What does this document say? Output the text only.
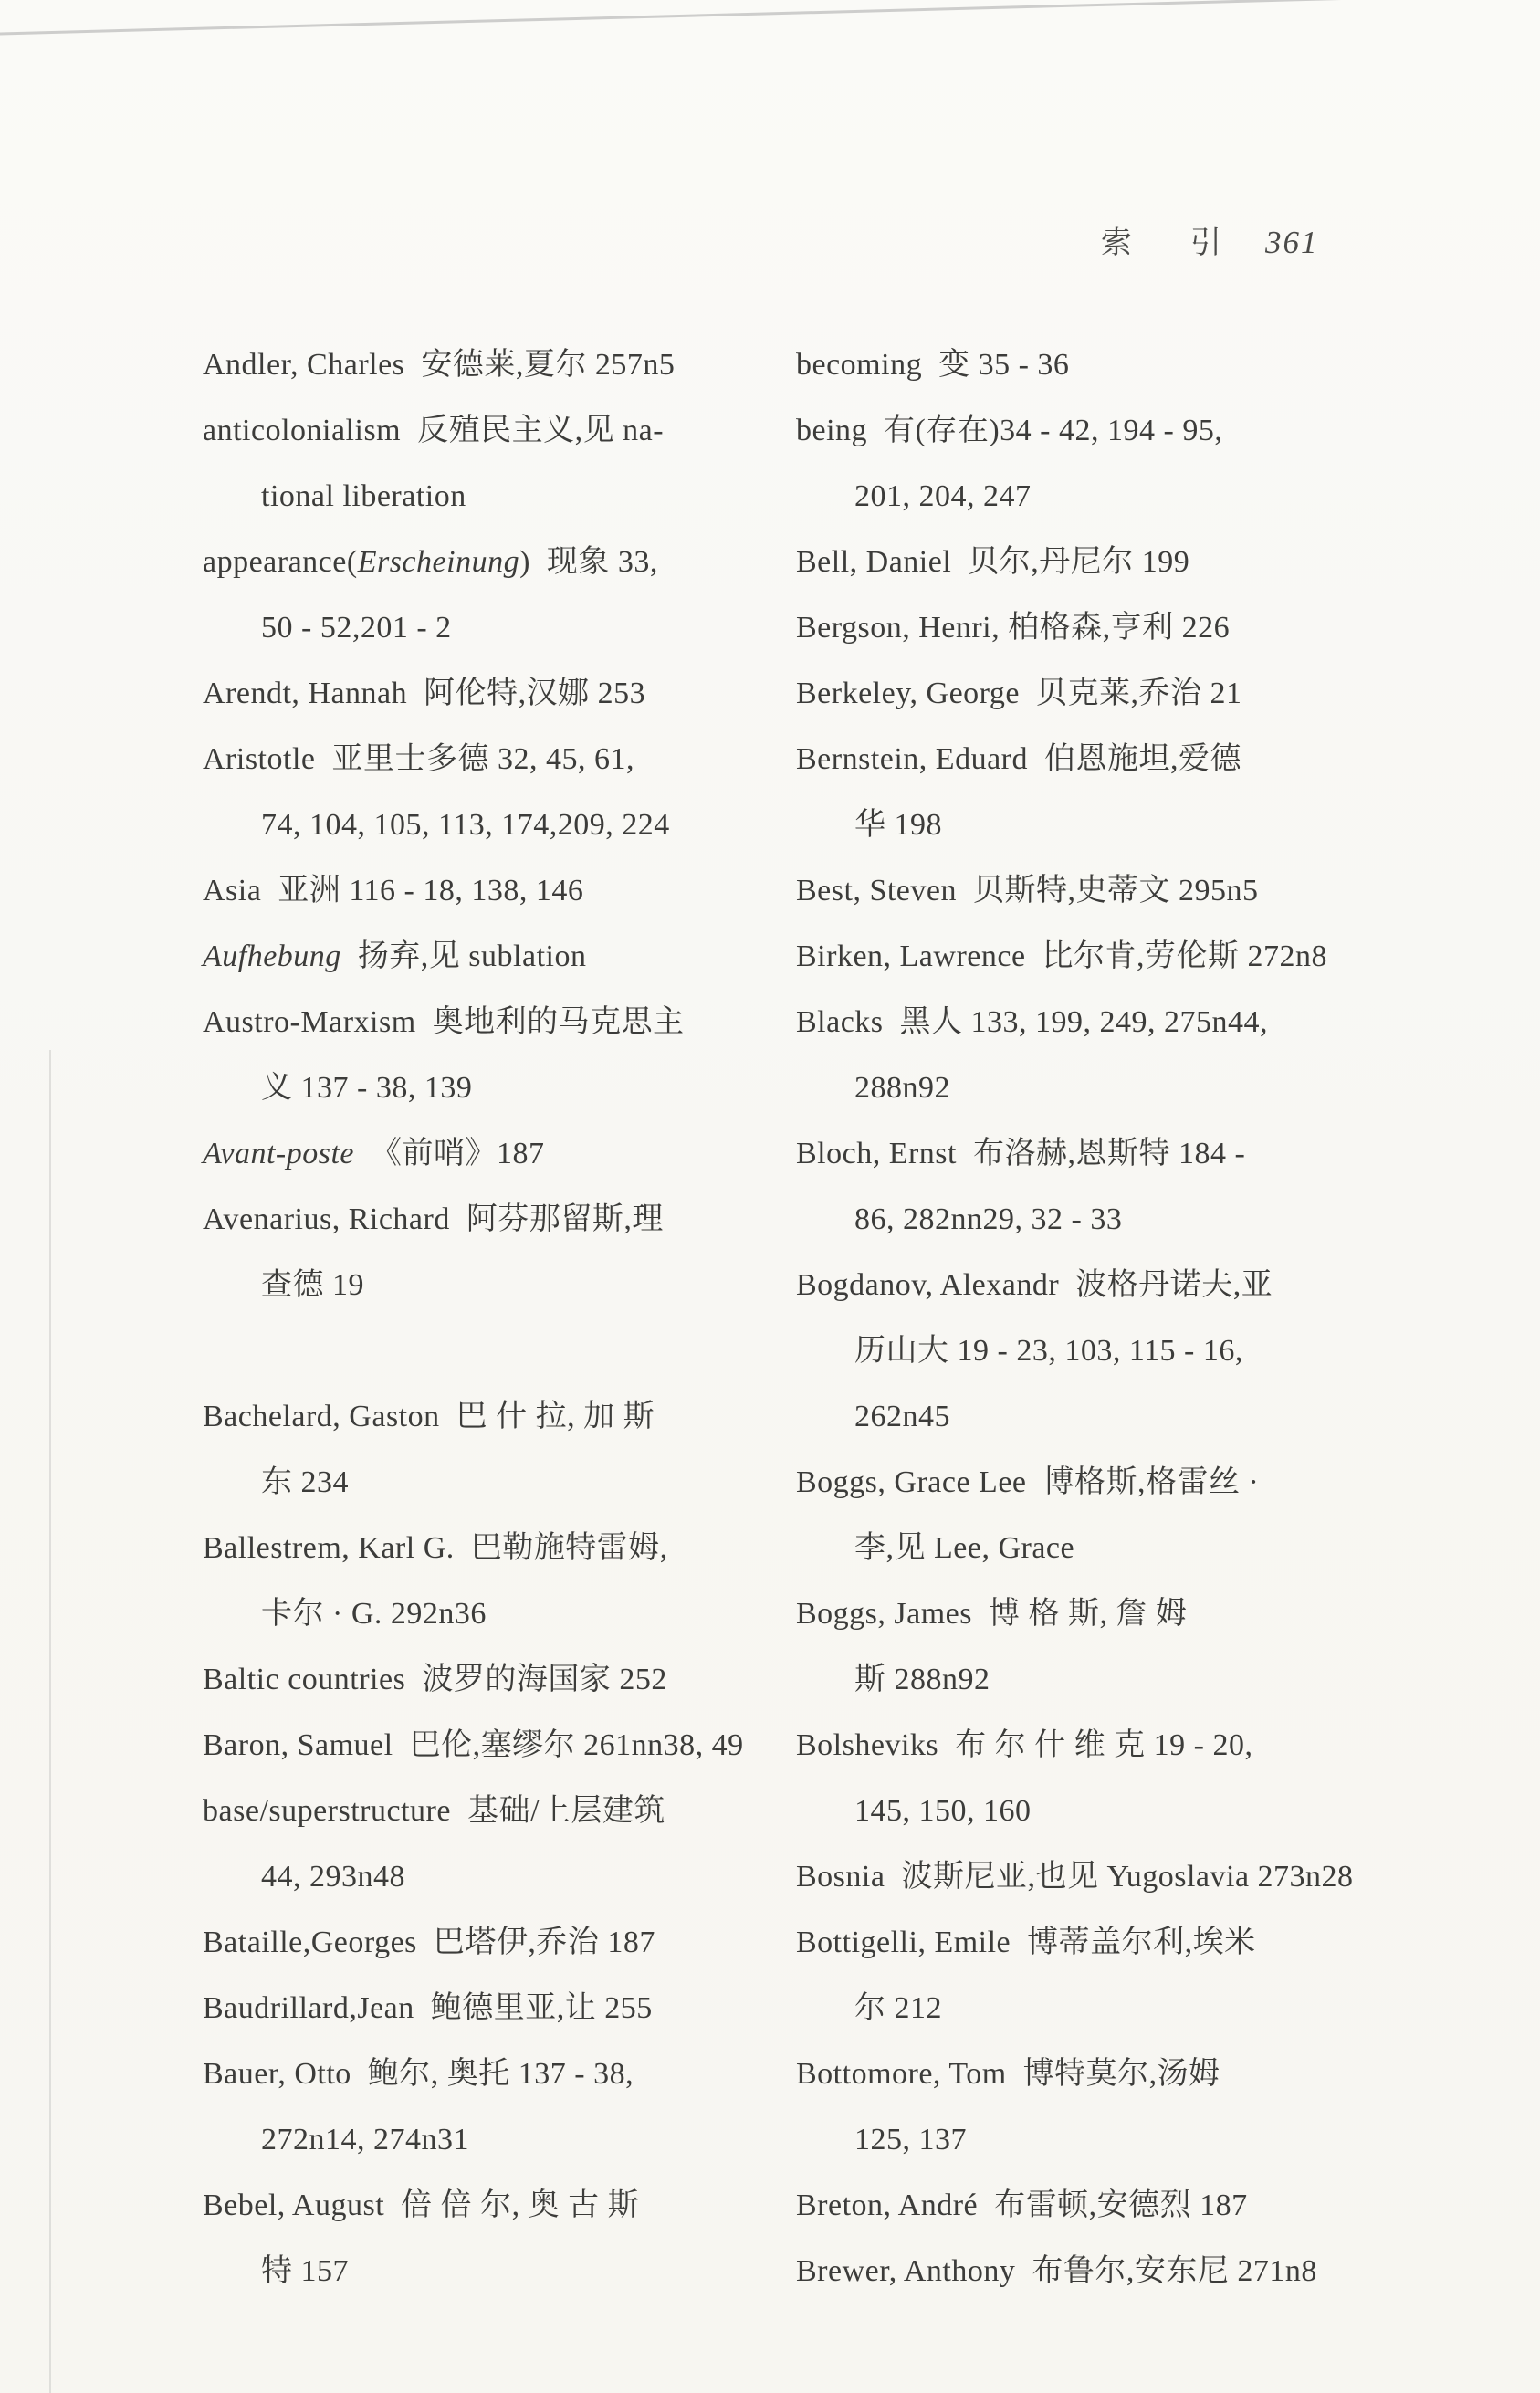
索 引 361
Andler, Charles  安德莱,夏尔 257n5
anticolonialism  反殖民主义,见 na-
tional liberation
appearance(Erscheinung)  现象 33,
50 - 52,201 - 2
Arendt, Hannah  阿伦特,汉娜 253
Aristotle  亚里士多德 32, 45, 61,
74, 104, 105, 113, 174,209, 224
Asia  亚洲 116 - 18, 138, 146
Aufhebung  扬弃,见 sublation
Austro-Marxism  奥地利的马克思主
义 137 - 38, 139
Avant-poste  《前哨》187
Avenarius, Richard  阿芬那留斯,理
查德 19
Bachelard, Gaston  巴 什 拉, 加 斯
东 234
Ballestrem, Karl G.  巴勒施特雷姆,
卡尔 · G. 292n36
Baltic countries  波罗的海国家 252
Baron, Samuel  巴伦,塞缪尔 261nn38, 49
base/superstructure  基础/上层建筑
44, 293n48
Bataille,Georges  巴塔伊,乔治 187
Baudrillard,Jean  鲍德里亚,让 255
Bauer, Otto  鲍尔, 奥托 137 - 38,
272n14, 274n31
Bebel, August  倍 倍 尔, 奥 古 斯
特 157
becoming  变 35 - 36
being  有(存在)34 - 42, 194 - 95,
201, 204, 247
Bell, Daniel  贝尔,丹尼尔 199
Bergson, Henri, 柏格森,亨利 226
Berkeley, George  贝克莱,乔治 21
Bernstein, Eduard  伯恩施坦,爱德
华 198
Best, Steven  贝斯特,史蒂文 295n5
Birken, Lawrence  比尔肯,劳伦斯 272n8
Blacks  黑人 133, 199, 249, 275n44,
288n92
Bloch, Ernst  布洛赫,恩斯特 184 -
86, 282nn29, 32 - 33
Bogdanov, Alexandr  波格丹诺夫,亚
历山大 19 - 23, 103, 115 - 16,
262n45
Boggs, Grace Lee  博格斯,格雷丝 ·
李,见 Lee, Grace
Boggs, James  博 格 斯, 詹 姆
斯 288n92
Bolsheviks  布 尔 什 维 克 19 - 20,
145, 150, 160
Bosnia  波斯尼亚,也见 Yugoslavia 273n28
Bottigelli, Emile  博蒂盖尔利,埃米
尔 212
Bottomore, Tom  博特莫尔,汤姆
125, 137
Breton, André  布雷顿,安德烈 187
Brewer, Anthony  布鲁尔,安东尼 271n8
